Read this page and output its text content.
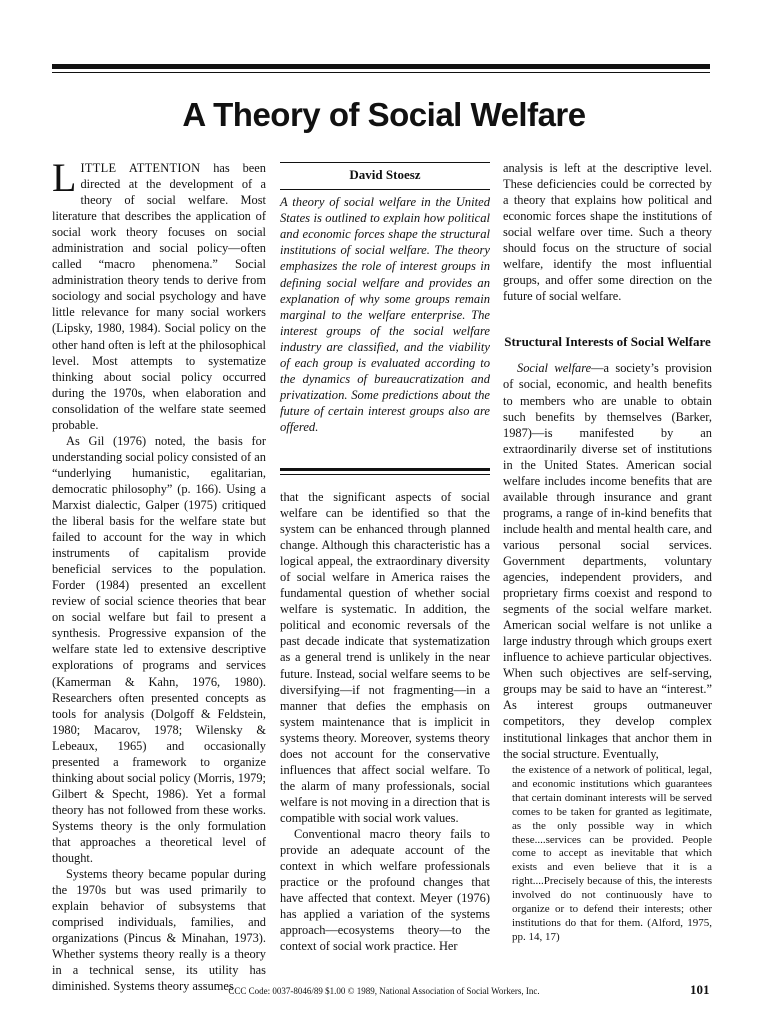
A Theory of Social Welfare

LITTLE ATTENTION has been directed at the development of a theory of social welfare. Most literature that describes the application of social work theory focuses on social administration and social policy—often called “macro phenomena.” Social administration theory tends to derive from sociology and social psychology and have little relevance for many social workers (Lipsky, 1980, 1984). Social policy on the other hand often is left at the philosophical level. Most attempts to systematize thinking about social policy occurred during the 1970s, when elaboration and consolidation of the welfare state seemed probable.

As Gil (1976) noted, the basis for understanding social policy consisted of an “underlying humanistic, egalitarian, democratic philosophy” (p. 166). Using a Marxist dialectic, Galper (1975) critiqued the liberal basis for the welfare state but failed to account for the way in which instruments of capitalism provide beneficial services to the population. Forder (1984) presented an excellent review of social science theories that bear on social welfare but fail to present a synthesis. Progressive expansion of the welfare state led to extensive descriptive explorations of programs and services (Kamerman & Kahn, 1976, 1980). Researchers often presented concepts as tools for analysis (Dolgoff & Feldstein, 1980; Macarov, 1978; Wilensky & Lebeaux, 1965) and occasionally presented a framework to organize thinking about social policy (Morris, 1979; Gilbert & Specht, 1986). Yet a formal theory has not followed from these works. Systems theory is the only formulation that approaches a theoretical level of thought.

Systems theory became popular during the 1970s but was used primarily to explain behavior of subsystems that comprised individuals, families, and organizations (Pincus & Minahan, 1973). Whether systems theory really is a theory in a technical sense, its utility has diminished. Systems theory assumes

David Stoesz

A theory of social welfare in the United States is outlined to explain how political and economic forces shape the structural institutions of social welfare. The theory emphasizes the role of interest groups in defining social welfare and provides an explanation of why some groups remain marginal to the welfare enterprise. The interest groups of the social welfare industry are classified, and the viability of each group is evaluated according to the dynamics of bureaucratization and privatization. Some predictions about the future of certain interest groups also are offered.

that the significant aspects of social welfare can be identified so that the system can be enhanced through planned change. Although this characteristic has a logical appeal, the extraordinary diversity of social welfare in America raises the fundamental question of whether social welfare is systematic. In addition, the political and economic reversals of the past decade indicate that systematization as a general trend is unlikely in the near future. Instead, social welfare seems to be diversifying—if not fragmenting—in a manner that defies the emphasis on system maintenance that is implicit in systems theory. Moreover, systems theory does not account for the conservative influences that affect social welfare. To the alarm of many professionals, social welfare is not moving in a direction that is compatible with social work values.

Conventional macro theory fails to provide an adequate account of the context in which welfare professionals practice or the profound changes that have affected that context. Meyer (1976) has applied a variation of the systems approach—ecosystems theory—to the context of social work practice. Her

analysis is left at the descriptive level. These deficiencies could be corrected by a theory that explains how political and economic forces shape the institutions of social welfare over time. Such a theory should focus on the structure of social welfare, identify the most influential groups, and offer some direction on the future of social welfare.

Structural Interests of Social Welfare

Social welfare—a society’s provision of social, economic, and health benefits to members who are unable to obtain such benefits by themselves (Barker, 1987)—is manifested by an extraordinarily diverse set of institutions in the United States. American social welfare includes income benefits that are available through insurance and grant programs, a range of in-kind benefits that include health and mental health care, and various personal social services. Government departments, voluntary agencies, independent providers, and proprietary firms coexist and respond to segments of the social welfare market. American social welfare is not unlike a large industry through which groups exert influence to achieve particular objectives. When such objectives are self-serving, groups may be said to have an “interest.” As interest groups outmaneuver competitors, they develop complex institutional linkages that anchor them in the social structure. Eventually,

the existence of a network of political, legal, and economic institutions which guarantees that certain dominant interests will be served comes to be taken for granted as legitimate, as the only possible way in which these....services can be provided. People come to accept as inevitable that which exists and even believe that it is a right....Precisely because of this, the interests involved do not continuously have to organize or to defend their interests; other institutions do that for them. (Alford, 1975, pp. 14, 17)
CCC Code: 0037-8046/89 $1.00 © 1989, National Association of Social Workers, Inc.	101
